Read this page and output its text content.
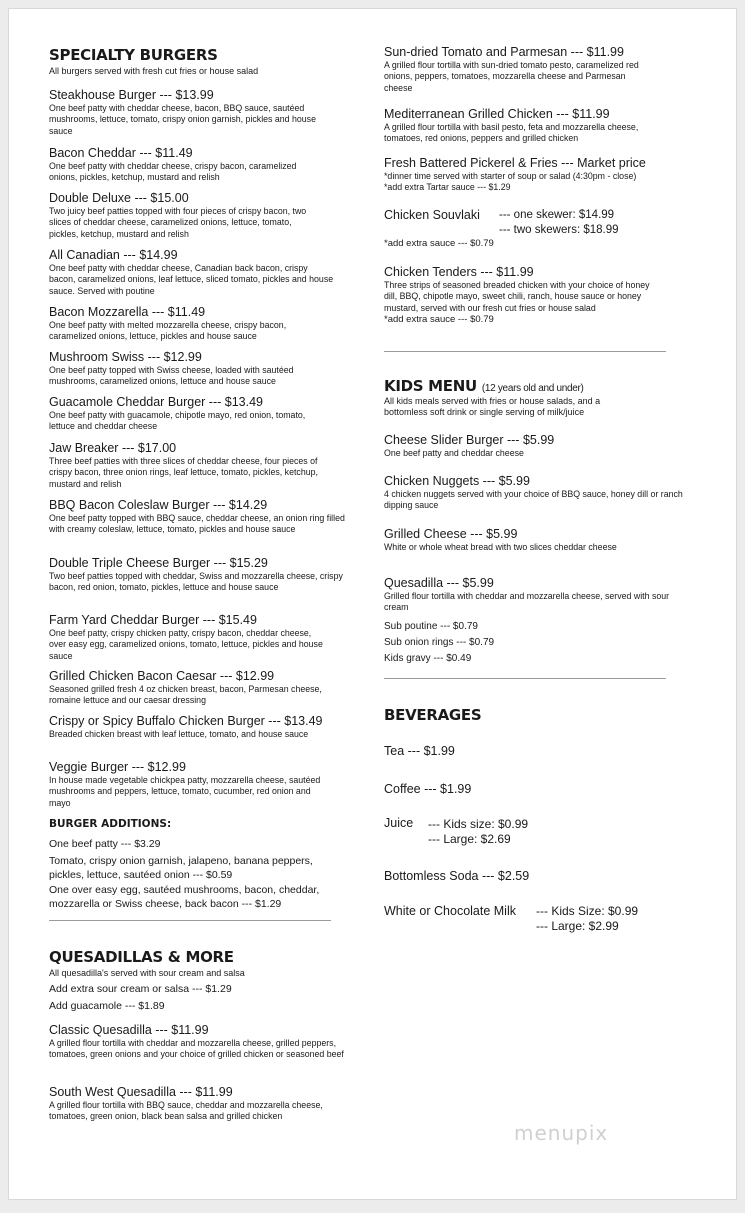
SPECIALTY BURGERS
All burgers served with fresh cut fries or house salad
Steakhouse Burger --- $13.99
One beef patty with cheddar cheese, bacon, BBQ sauce, sautéed mushrooms, lettuce, tomato, crispy onion garnish, pickles and house sauce
Bacon Cheddar --- $11.49
One beef patty with cheddar cheese, crispy bacon, caramelized onions, pickles, ketchup, mustard and relish
Double Deluxe --- $15.00
Two juicy beef patties topped with four pieces of crispy bacon, two slices of cheddar cheese, caramelized onions, lettuce, tomato, pickles, ketchup, mustard and relish
All Canadian --- $14.99
One beef patty with cheddar cheese, Canadian back bacon, crispy bacon, caramelized onions, leaf lettuce, sliced tomato, pickles and house sauce. Served with poutine
Bacon Mozzarella --- $11.49
One beef patty with melted mozzarella cheese, crispy bacon, caramelized onions, lettuce, pickles and house sauce
Mushroom Swiss --- $12.99
One beef patty topped with Swiss cheese, loaded with sautéed mushrooms, caramelized onions, lettuce and house sauce
Guacamole Cheddar Burger --- $13.49
One beef patty with guacamole, chipotle mayo, red onion, tomato, lettuce and cheddar cheese
Jaw Breaker --- $17.00
Three beef patties with three slices of cheddar cheese, four pieces of crispy bacon, three onion rings, leaf lettuce, tomato, pickles, ketchup, mustard and relish
BBQ Bacon Coleslaw Burger --- $14.29
One beef patty topped with BBQ sauce, cheddar cheese, an onion ring filled with creamy coleslaw, lettuce, tomato, pickles and house sauce
Double Triple Cheese Burger --- $15.29
Two beef patties topped with cheddar, Swiss and mozzarella cheese, crispy bacon, red onion, tomato, pickles, lettuce and house sauce
Farm Yard Cheddar Burger --- $15.49
One beef patty, crispy chicken patty, crispy bacon, cheddar cheese, over easy egg, caramelized onions, tomato, lettuce, pickles and house sauce
Grilled Chicken Bacon Caesar --- $12.99
Seasoned grilled fresh 4 oz chicken breast, bacon, Parmesan cheese, romaine lettuce and our caesar dressing
Crispy or Spicy Buffalo Chicken Burger --- $13.49
Breaded chicken breast with leaf lettuce, tomato, and house sauce
Veggie Burger --- $12.99
In house made vegetable chickpea patty, mozzarella cheese, sautéed mushrooms and peppers, lettuce, tomato, cucumber, red onion and mayo
BURGER ADDITIONS:
One beef patty --- $3.29
Tomato, crispy onion garnish, jalapeno, banana peppers, pickles, lettuce, sautéed onion --- $0.59
One over easy egg, sautéed mushrooms, bacon, cheddar, mozzarella or Swiss cheese, back bacon --- $1.29
QUESADILLAS & MORE
All quesadilla's served with sour cream and salsa
Add extra sour cream or salsa --- $1.29
Add guacamole --- $1.89
Classic Quesadilla --- $11.99
A grilled flour tortilla with cheddar and mozzarella cheese, grilled peppers, tomatoes, green onions and your choice of grilled chicken or seasoned beef
South West Quesadilla --- $11.99
A grilled flour tortilla with BBQ sauce, cheddar and mozzarella cheese, tomatoes, green onion, black bean salsa and grilled chicken
Sun-dried Tomato and Parmesan --- $11.99
A grilled flour tortilla with sun-dried tomato pesto, caramelized red onions, peppers, tomatoes, mozzarella cheese and Parmesan cheese
Mediterranean Grilled Chicken --- $11.99
A grilled flour tortilla with basil pesto, feta and mozzarella cheese, tomatoes, red onions, peppers and grilled chicken
Fresh Battered Pickerel & Fries --- Market price
*dinner time served with starter of soup or salad (4:30pm - close)
*add extra Tartar sauce --- $1.29
Chicken Souvlaki --- one skewer: $14.99
--- two skewers: $18.99
*add extra sauce --- $0.79
Chicken Tenders --- $11.99
Three strips of seasoned breaded chicken with your choice of honey dill, BBQ, chipotle mayo, sweet chili, ranch, house sauce or honey mustard, served with our fresh cut fries or house salad
*add extra sauce --- $0.79
KIDS MENU (12 years old and under)
All kids meals served with fries or house salads, and a bottomless soft drink or single serving of milk/juice
Cheese Slider Burger --- $5.99
One beef patty and cheddar cheese
Chicken Nuggets --- $5.99
4 chicken nuggets served with your choice of BBQ sauce, honey dill or ranch dipping sauce
Grilled Cheese --- $5.99
White or whole wheat bread with two slices cheddar cheese
Quesadilla --- $5.99
Grilled flour tortilla with cheddar and mozzarella cheese, served with sour cream
Sub poutine --- $0.79
Sub onion rings --- $0.79
Kids gravy --- $0.49
BEVERAGES
Tea --- $1.99
Coffee --- $1.99
Juice --- Kids size: $0.99
--- Large: $2.69
Bottomless Soda --- $2.59
White or Chocolate Milk --- Kids Size: $0.99
--- Large: $2.99
menupix
